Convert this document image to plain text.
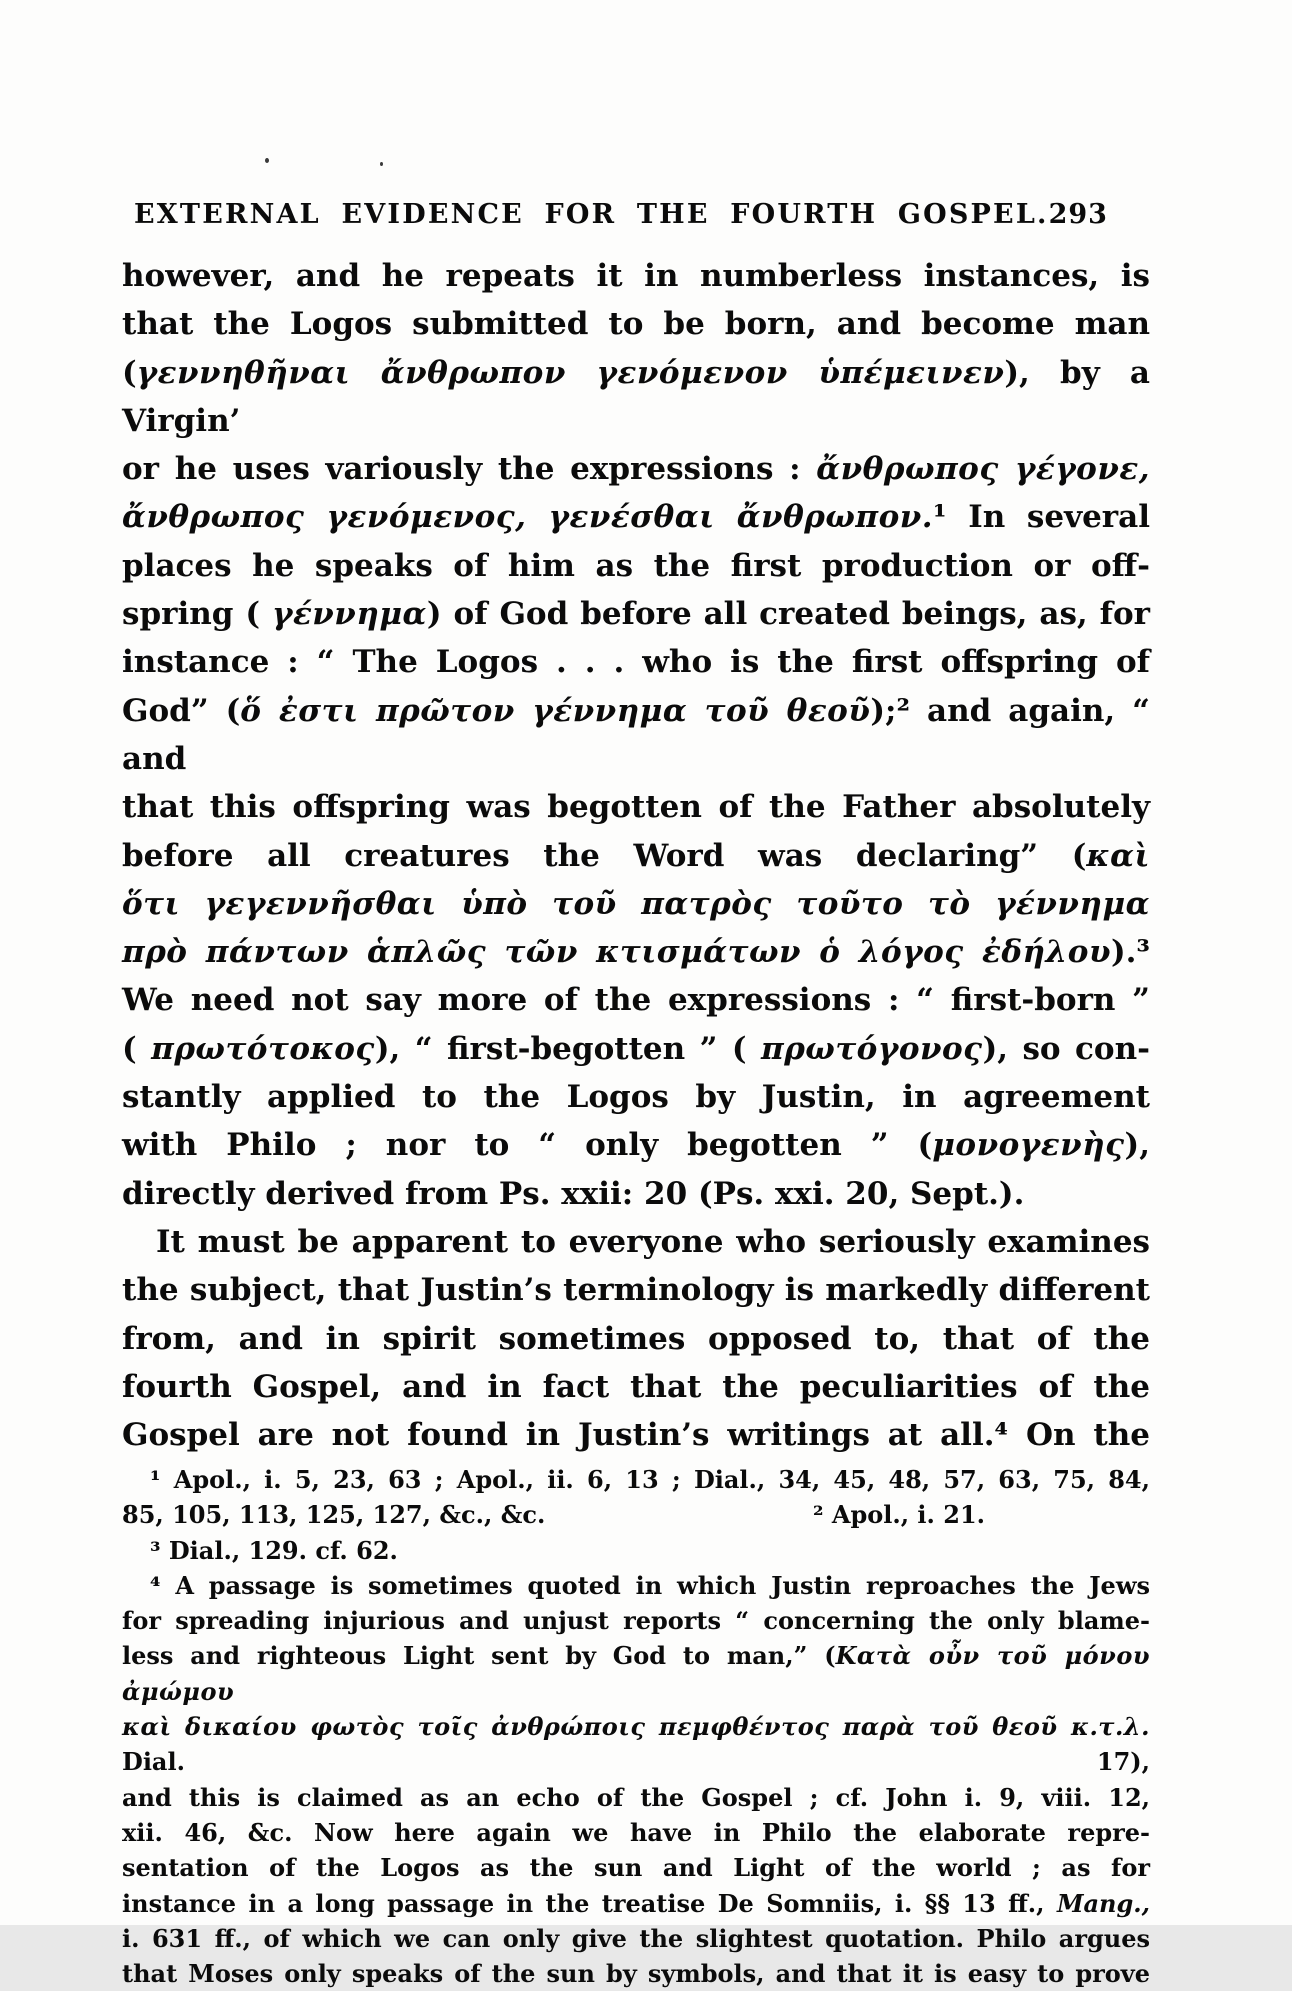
EXTERNAL EVIDENCE FOR THE FOURTH GOSPEL. 293
however, and he repeats it in numberless instances, is
that the Logos submitted to be born, and become man
(γεννηθῆναι ἄνθρωπον γενόμενον ὑπέμεινεν), by a Virgin’
or he uses variously the expressions : ἄνθρωπος γέγονε,
ἄνθρωπος γενόμενος, γενέσθαι ἄνθρωπον.¹ In several
places he speaks of him as the first production or off-
spring ( γέννημα) of God before all created beings, as, for
instance : “ The Logos . . . who is the first offspring of
God” (ὅ ἐστι πρῶτον γέννημα τοῦ θεοῦ);² and again, “ and
that this offspring was begotten of the Father absolutely
before all creatures the Word was declaring” (καὶ
ὅτι γεγεννῆσθαι ὑπὸ τοῦ πατρὸς τοῦτο τὸ γέννημα
πρὸ πάντων ἁπλῶς τῶν κτισμάτων ὁ λόγος ἐδήλου).³
We need not say more of the expressions : “ first-born ”
( πρωτότοκος), “ first-begotten ” ( πρωτόγονος), so con-
stantly applied to the Logos by Justin, in agreement
with Philo ; nor to “ only begotten ” (μονογενὴς),
directly derived from Ps. xxii: 20 (Ps. xxi. 20, Sept.).
It must be apparent to everyone who seriously examines
the subject, that Justin’s terminology is markedly different
from, and in spirit sometimes opposed to, that of the
fourth Gospel, and in fact that the peculiarities of the
Gospel are not found in Justin’s writings at all.⁴ On the
¹ Apol., i. 5, 23, 63 ; Apol., ii. 6, 13 ; Dial., 34, 45, 48, 57, 63, 75, 84,
85, 105, 113, 125, 127, &c., &c.	² Apol., i. 21.
³ Dial., 129. cf. 62.
⁴ A passage is sometimes quoted in which Justin reproaches the Jews
for spreading injurious and unjust reports “ concerning the only blame-
less and righteous Light sent by God to man,” (Κατὰ οὖν τοῦ μόνου ἀμώμου
καὶ δικαίου φωτὸς τοῖς ἀνθρώποις πεμφθέντος παρὰ τοῦ θεοῦ κ.τ.λ. Dial. 17),
and this is claimed as an echo of the Gospel ; cf. John i. 9, viii. 12,
xii. 46, &c. Now here again we have in Philo the elaborate repre-
sentation of the Logos as the sun and Light of the world ; as for
instance in a long passage in the treatise De Somniis, i. §§ 13 ff., Mang.,
i. 631 ff., of which we can only give the slightest quotation. Philo argues
that Moses only speaks of the sun by symbols, and that it is easy to prove
